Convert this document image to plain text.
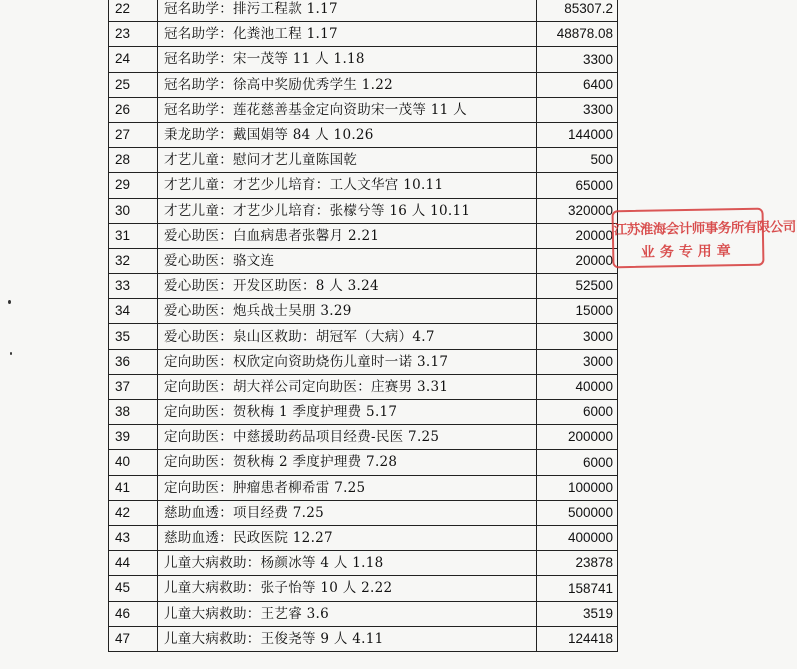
22	冠名助学：排污工程款 1.17	85307.2
23	冠名助学：化粪池工程 1.17	48878.08
24	冠名助学：宋一茂等 11 人 1.18	3300
25	冠名助学：徐高中奖励优秀学生 1.22	6400
26	冠名助学：莲花慈善基金定向资助宋一茂等 11 人	3300
27	秉龙助学：戴国娟等 84 人 10.26	144000
28	才艺儿童：慰问才艺儿童陈国乾	500
29	才艺儿童：才艺少儿培育：工人文华宫 10.11	65000
30	才艺儿童：才艺少儿培育：张檬兮等 16 人 10.11	320000
31	爱心助医：白血病患者张馨月 2.21	20000
32	爱心助医：骆文连	20000
33	爱心助医：开发区助医：8 人 3.24	52500
34	爱心助医：炮兵战士吴朋 3.29	15000
35	爱心助医：泉山区救助：胡冠军（大病）4.7	3000
36	定向助医：权欣定向资助烧伤儿童时一诺 3.17	3000
37	定向助医：胡大祥公司定向助医：庄赛男 3.31	40000
38	定向助医：贺秋梅 1 季度护理费 5.17	6000
39	定向助医：中慈援助药品项目经费-民医 7.25	200000
40	定向助医：贺秋梅 2 季度护理费 7.28	6000
41	定向助医：肿瘤患者柳希雷 7.25	100000
42	慈助血透：项目经费 7.25	500000
43	慈助血透：民政医院 12.27	400000
44	儿童大病救助：杨颜冰等 4 人 1.18	23878
45	儿童大病救助：张子怡等 10 人 2.22	158741
46	儿童大病救助：王艺睿 3.6	3519
47	儿童大病救助：王俊尧等 9 人 4.11	124418
江苏淮海会计师事务所有限公司
业务专用章
